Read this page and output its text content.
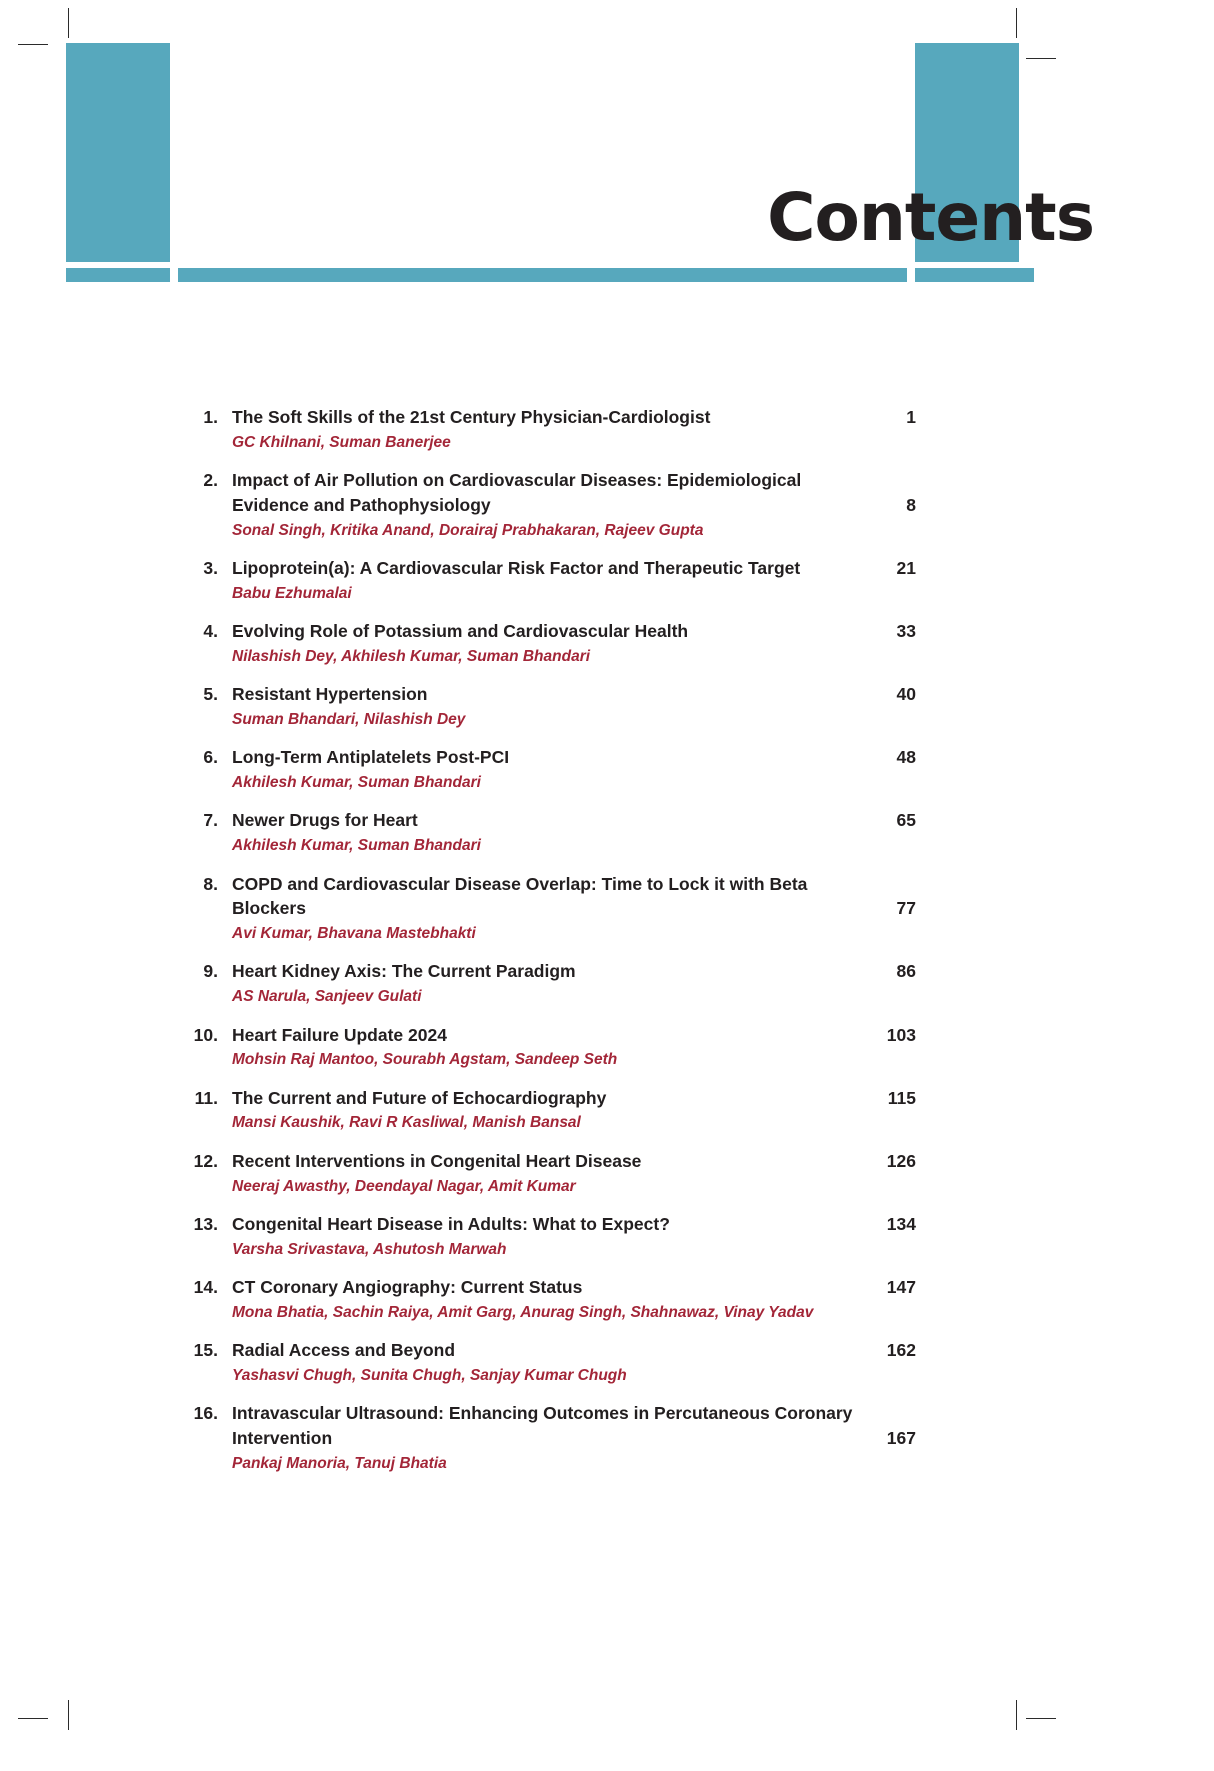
Contents
1. The Soft Skills of the 21st Century Physician-Cardiologist	1
GC Khilnani, Suman Banerjee
2. Impact of Air Pollution on Cardiovascular Diseases: Epidemiological Evidence and Pathophysiology	8
Sonal Singh, Kritika Anand, Dorairaj Prabhakaran, Rajeev Gupta
3. Lipoprotein(a): A Cardiovascular Risk Factor and Therapeutic Target	21
Babu Ezhumalai
4. Evolving Role of Potassium and Cardiovascular Health	33
Nilashish Dey, Akhilesh Kumar, Suman Bhandari
5. Resistant Hypertension	40
Suman Bhandari, Nilashish Dey
6. Long-Term Antiplatelets Post-PCI	48
Akhilesh Kumar, Suman Bhandari
7. Newer Drugs for Heart	65
Akhilesh Kumar, Suman Bhandari
8. COPD and Cardiovascular Disease Overlap: Time to Lock it with Beta Blockers	77
Avi Kumar, Bhavana Mastebhakti
9. Heart Kidney Axis: The Current Paradigm	86
AS Narula, Sanjeev Gulati
10. Heart Failure Update 2024	103
Mohsin Raj Mantoo, Sourabh Agstam, Sandeep Seth
11. The Current and Future of Echocardiography	115
Mansi Kaushik, Ravi R Kasliwal, Manish Bansal
12. Recent Interventions in Congenital Heart Disease	126
Neeraj Awasthy, Deendayal Nagar, Amit Kumar
13. Congenital Heart Disease in Adults: What to Expect?	134
Varsha Srivastava, Ashutosh Marwah
14. CT Coronary Angiography: Current Status	147
Mona Bhatia, Sachin Raiya, Amit Garg, Anurag Singh, Shahnawaz, Vinay Yadav
15. Radial Access and Beyond	162
Yashasvi Chugh, Sunita Chugh, Sanjay Kumar Chugh
16. Intravascular Ultrasound: Enhancing Outcomes in Percutaneous Coronary Intervention	167
Pankaj Manoria, Tanuj Bhatia
